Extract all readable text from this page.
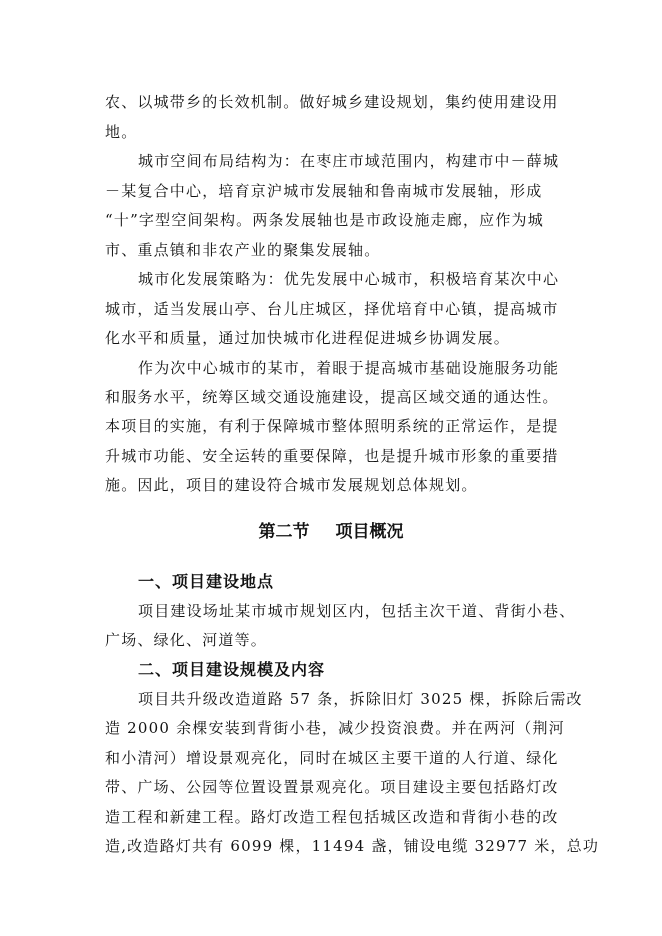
农、以城带乡的长效机制。做好城乡建设规划，集约使用建设用
地。
城市空间布局结构为：在枣庄市域范围内，构建市中－薛城
－某复合中心，培育京沪城市发展轴和鲁南城市发展轴，形成
“十”字型空间架构。两条发展轴也是市政设施走廊，应作为城
市、重点镇和非农产业的聚集发展轴。
城市化发展策略为：优先发展中心城市，积极培育某次中心
城市，适当发展山亭、台儿庄城区，择优培育中心镇，提高城市
化水平和质量，通过加快城市化进程促进城乡协调发展。
作为次中心城市的某市，着眼于提高城市基础设施服务功能
和服务水平，统筹区域交通设施建设，提高区域交通的通达性。
本项目的实施，有利于保障城市整体照明系统的正常运作，是提
升城市功能、安全运转的重要保障，也是提升城市形象的重要措
施。因此，项目的建设符合城市发展规划总体规划。
第二节 项目概况
一、项目建设地点
项目建设场址某市城市规划区内，包括主次干道、背街小巷、
广场、绿化、河道等。
二、项目建设规模及内容
项目共升级改造道路 57 条，拆除旧灯 3025 棵，拆除后需改
造 2000 余棵安装到背街小巷，减少投资浪费。并在两河（荆河
和小清河）增设景观亮化，同时在城区主要干道的人行道、绿化
带、广场、公园等位置设置景观亮化。项目建设主要包括路灯改
造工程和新建工程。路灯改造工程包括城区改造和背街小巷的改
造,改造路灯共有 6099 棵，11494 盏，铺设电缆 32977 米，总功
